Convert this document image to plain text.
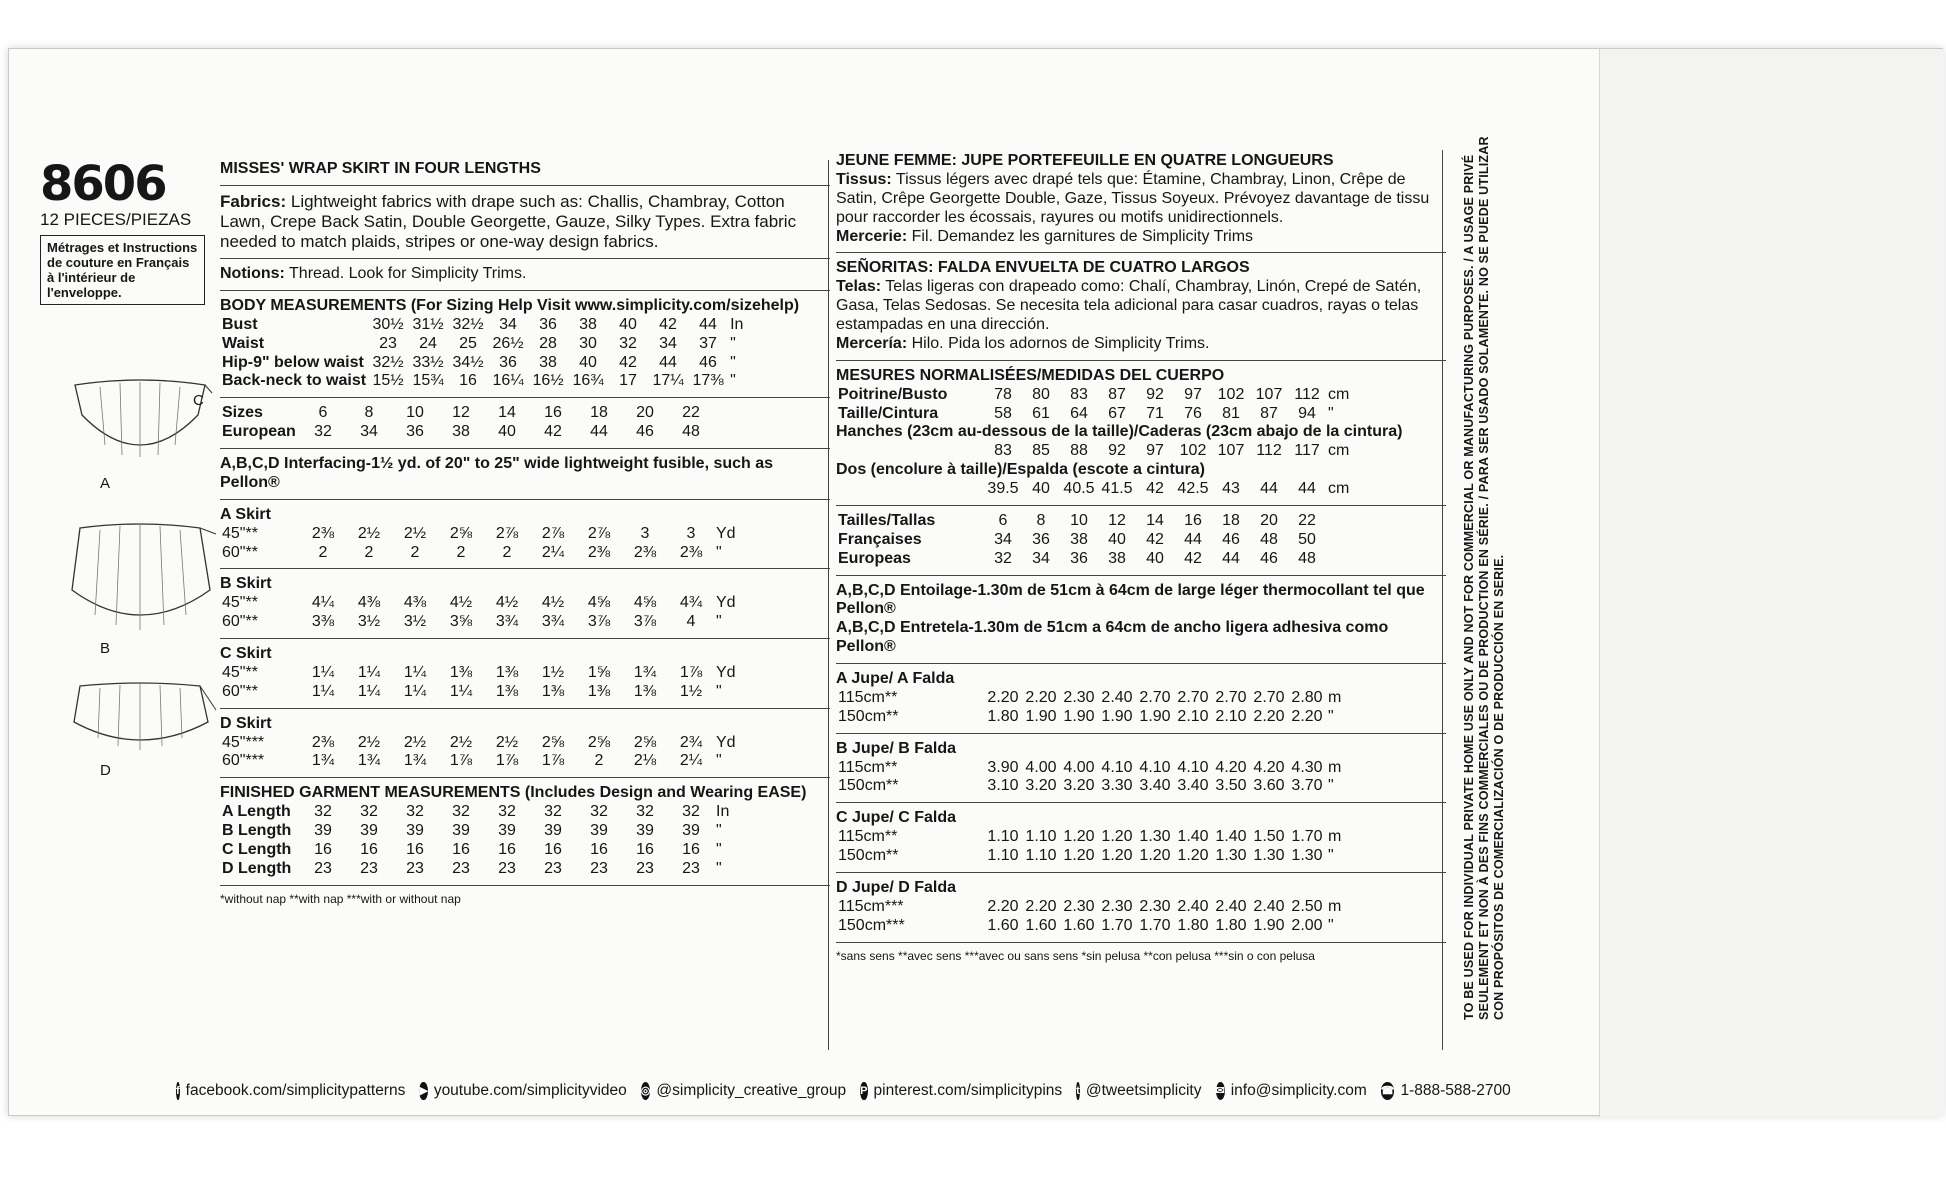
8606
12 PIECES/PIEZAS
Métrages et Instructions de couture en Français à l'intérieur de l'enveloppe.
C
A
B
D
MISSES' WRAP SKIRT IN FOUR LENGTHS
Fabrics: Lightweight fabrics with drape such as: Challis, Chambray, Cotton Lawn, Crepe Back Satin, Double Georgette, Gauze, Silky Types. Extra fabric needed to match plaids, stripes or one-way design fabrics.
Notions: Thread. Look for Simplicity Trims.
BODY MEASUREMENTS (For Sizing Help Visit www.simplicity.com/sizehelp)
Bust	30½	31½	32½	34	36	38	40	42	44	In
Waist	23	24	25	26½	28	30	32	34	37	"
Hip-9" below waist	32½	33½	34½	36	38	40	42	44	46	"
Back-neck to waist	15½	15¾	16	16¼	16½	16¾	17	17¼	17⅜	"
Sizes	6	8	10	12	14	16	18	20	22	
European	32	34	36	38	40	42	44	46	48	
A,B,C,D Interfacing-1½ yd. of 20" to 25" wide lightweight fusible, such as Pellon®
A Skirt
45"**	2⅜	2½	2½	2⅝	2⅞	2⅞	2⅞	3	3	Yd
60"**	2	2	2	2	2	2¼	2⅜	2⅜	2⅜	"
B Skirt
45"**	4¼	4⅜	4⅜	4½	4½	4½	4⅝	4⅝	4¾	Yd
60"**	3⅜	3½	3½	3⅝	3¾	3¾	3⅞	3⅞	4	"
C Skirt
45"**	1¼	1¼	1¼	1⅜	1⅜	1½	1⅝	1¾	1⅞	Yd
60"**	1¼	1¼	1¼	1¼	1⅜	1⅜	1⅜	1⅜	1½	"
D Skirt
45"***	2⅜	2½	2½	2½	2½	2⅝	2⅝	2⅝	2¾	Yd
60"***	1¾	1¾	1¾	1⅞	1⅞	1⅞	2	2⅛	2¼	"
FINISHED GARMENT MEASUREMENTS (Includes Design and Wearing EASE)
A Length	32	32	32	32	32	32	32	32	32	In
B Length	39	39	39	39	39	39	39	39	39	"
C Length	16	16	16	16	16	16	16	16	16	"
D Length	23	23	23	23	23	23	23	23	23	"
*without nap **with nap ***with or without nap
JEUNE FEMME: JUPE PORTEFEUILLE EN QUATRE LONGUEURS
Tissus: Tissus légers avec drapé tels que: Étamine, Chambray, Linon, Crêpe de Satin, Crêpe Georgette Double, Gaze, Tissus Soyeux. Prévoyez davantage de tissu pour raccorder les écossais, rayures ou motifs unidirectionnels.
Mercerie: Fil. Demandez les garnitures de Simplicity Trims
SEÑORITAS: FALDA ENVUELTA DE CUATRO LARGOS
Telas: Telas ligeras con drapeado como: Chalí, Chambray, Linón, Crepé de Satén, Gasa, Telas Sedosas. Se necesita tela adicional para casar cuadros, rayas o telas estampadas en una dirección.
Mercería: Hilo. Pida los adornos de Simplicity Trims.
MESURES NORMALISÉES/MEDIDAS DEL CUERPO
Poitrine/Busto	78	80	83	87	92	97	102	107	112	cm
Taille/Cintura	58	61	64	67	71	76	81	87	94	"
Hanches (23cm au-dessous de la taille)/Caderas (23cm abajo de la cintura)
	83	85	88	92	97	102	107	112	117	cm
Dos (encolure à taille)/Espalda (escote a cintura)
	39.5	40	40.5	41.5	42	42.5	43	44	44	cm
Tailles/Tallas	6	8	10	12	14	16	18	20	22	
Françaises	34	36	38	40	42	44	46	48	50	
Europeas	32	34	36	38	40	42	44	46	48	
A,B,C,D Entoilage-1.30m de 51cm à 64cm de large léger thermocollant tel que Pellon®
A,B,C,D Entretela-1.30m de 51cm a 64cm de ancho ligera adhesiva como Pellon®
A Jupe/ A Falda
115cm**	2.20	2.20	2.30	2.40	2.70	2.70	2.70	2.70	2.80	m
150cm**	1.80	1.90	1.90	1.90	1.90	2.10	2.10	2.20	2.20	"
B Jupe/ B Falda
115cm**	3.90	4.00	4.00	4.10	4.10	4.10	4.20	4.20	4.30	m
150cm**	3.10	3.20	3.20	3.30	3.40	3.40	3.50	3.60	3.70	"
C Jupe/ C Falda
115cm**	1.10	1.10	1.20	1.20	1.30	1.40	1.40	1.50	1.70	m
150cm**	1.10	1.10	1.20	1.20	1.20	1.20	1.30	1.30	1.30	"
D Jupe/ D Falda
115cm***	2.20	2.20	2.30	2.30	2.30	2.40	2.40	2.40	2.50	m
150cm***	1.60	1.60	1.60	1.70	1.70	1.80	1.80	1.90	2.00	"
*sans sens **avec sens ***avec ou sans sens *sin pelusa **con pelusa ***sin o con pelusa	TO BE USED FOR INDIVIDUAL PRIVATE HOME USE ONLY AND NOT FOR COMMERCIAL OR MANUFACTURING PURPOSES. / A USAGE PRIVÉ SEULEMENT ET NON À DES FINS COMMERCIALES OU DE PRODUCTION EN SÉRIE. / PARA SER USADO SOLAMENTE. NO SE PUEDE UTILIZAR CON PROPÓSITOS DE COMERCIALIZACIÓN O DE PRODUCCIÓN EN SERIE.
f facebook.com/simplicitypatterns ▶ youtube.com/simplicityvideo ◎ @simplicity_creative_group P pinterest.com/simplicitypins t @tweetsimplicity ✉ info@simplicity.com ☎ 1-888-588-2700
